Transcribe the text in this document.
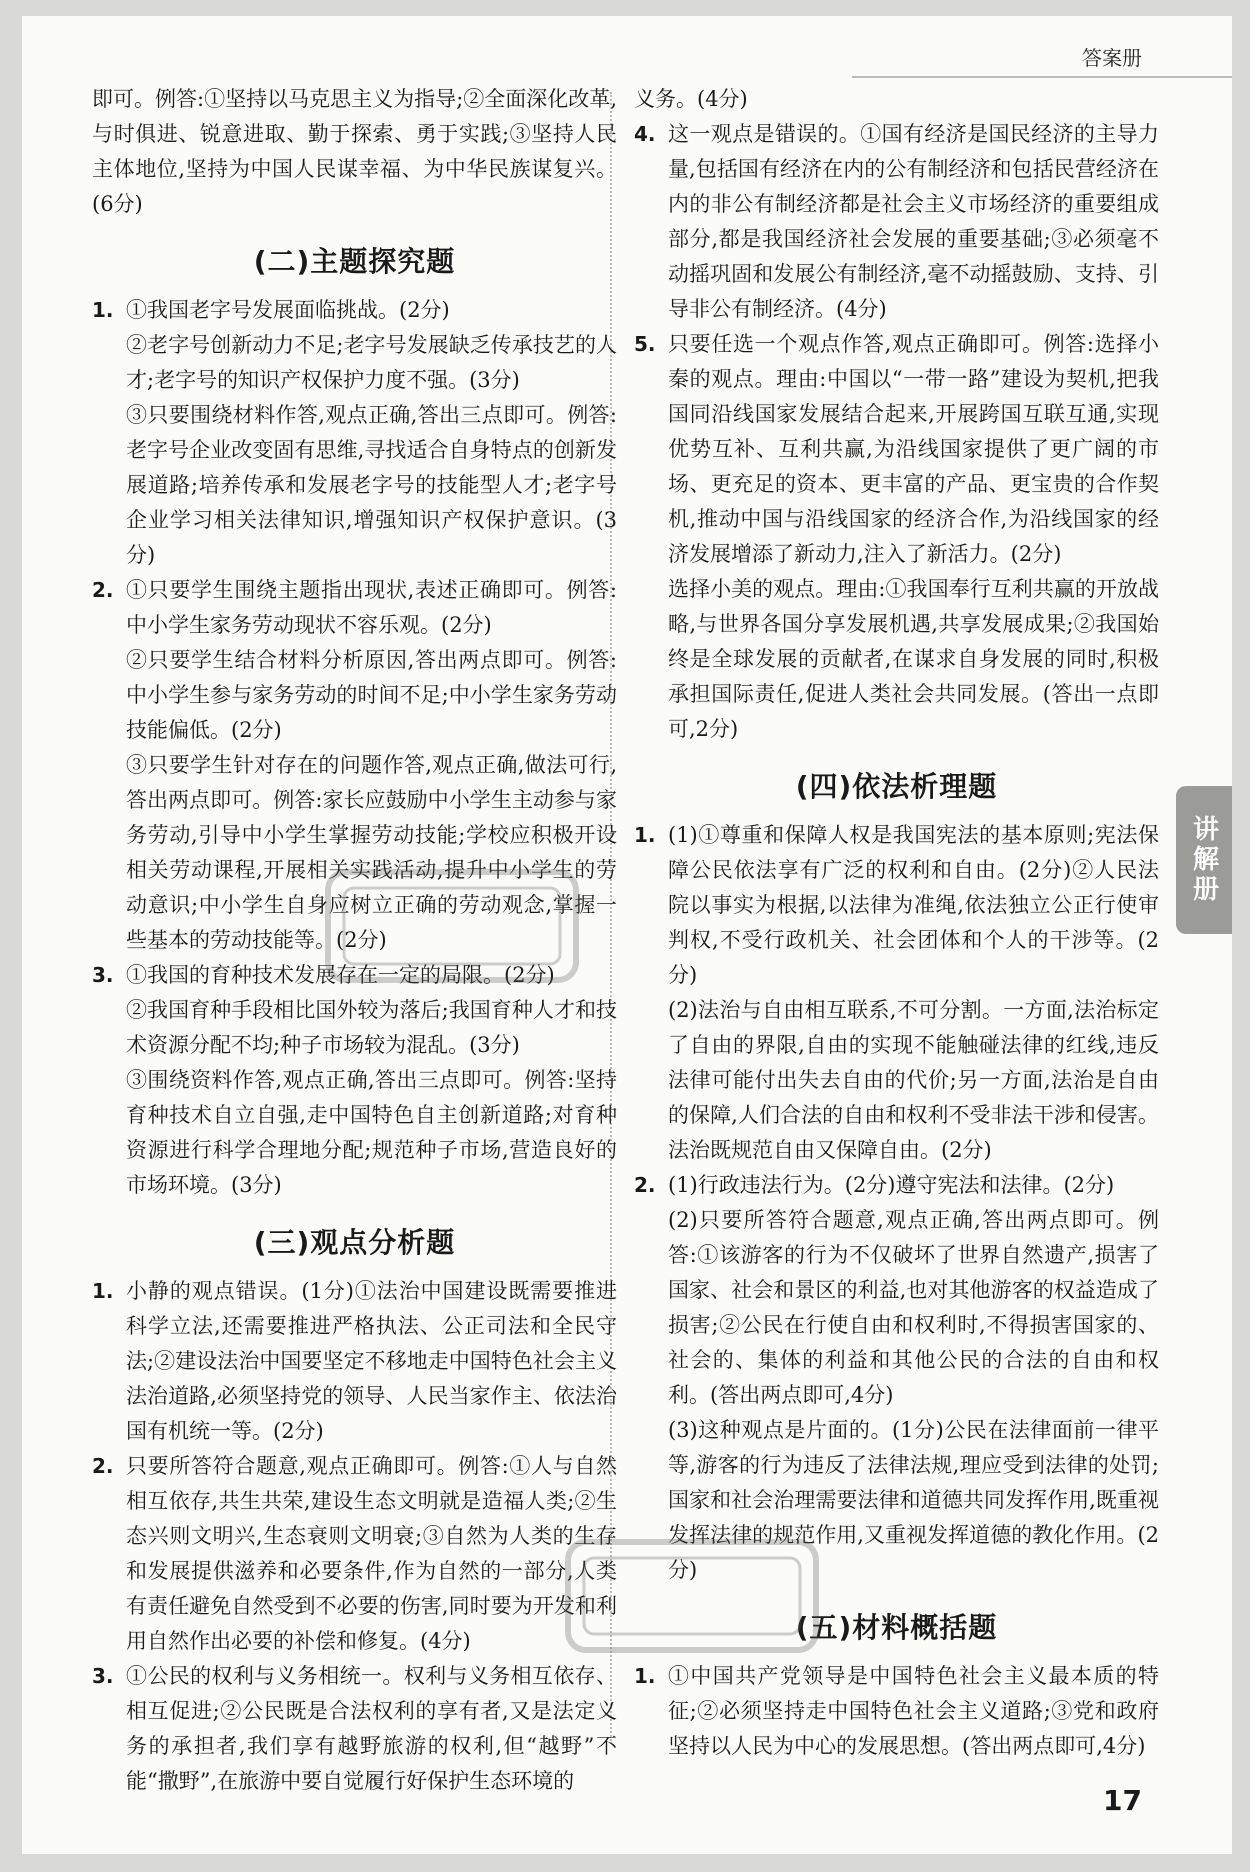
答案册

即可。例答:①坚持以马克思主义为指导;②全面深化改革,与时俱进、锐意进取、勤于探索、勇于实践;③坚持人民主体地位,坚持为中国人民谋幸福、为中华民族谋复兴。(6分)

(二)主题探究题
1. ①我国老字号发展面临挑战。(2分)

②老字号创新动力不足;老字号发展缺乏传承技艺的人才;老字号的知识产权保护力度不强。(3分)

③只要围绕材料作答,观点正确,答出三点即可。例答:老字号企业改变固有思维,寻找适合自身特点的创新发展道路;培养传承和发展老字号的技能型人才;老字号企业学习相关法律知识,增强知识产权保护意识。(3分)

2. ①只要学生围绕主题指出现状,表述正确即可。例答:中小学生家务劳动现状不容乐观。(2分)

②只要学生结合材料分析原因,答出两点即可。例答:中小学生参与家务劳动的时间不足;中小学生家务劳动技能偏低。(2分)

③只要学生针对存在的问题作答,观点正确,做法可行,答出两点即可。例答:家长应鼓励中小学生主动参与家务劳动,引导中小学生掌握劳动技能;学校应积极开设相关劳动课程,开展相关实践活动,提升中小学生的劳动意识;中小学生自身应树立正确的劳动观念,掌握一些基本的劳动技能等。(2分)

3. ①我国的育种技术发展存在一定的局限。(2分)

②我国育种手段相比国外较为落后;我国育种人才和技术资源分配不均;种子市场较为混乱。(3分)

③围绕资料作答,观点正确,答出三点即可。例答:坚持育种技术自立自强,走中国特色自主创新道路;对育种资源进行科学合理地分配;规范种子市场,营造良好的市场环境。(3分)

(三)观点分析题
1. 小静的观点错误。(1分)①法治中国建设既需要推进科学立法,还需要推进严格执法、公正司法和全民守法;②建设法治中国要坚定不移地走中国特色社会主义法治道路,必须坚持党的领导、人民当家作主、依法治国有机统一等。(2分)

2. 只要所答符合题意,观点正确即可。例答:①人与自然相互依存,共生共荣,建设生态文明就是造福人类;②生态兴则文明兴,生态衰则文明衰;③自然为人类的生存和发展提供滋养和必要条件,作为自然的一部分,人类有责任避免自然受到不必要的伤害,同时要为开发和利用自然作出必要的补偿和修复。(4分)

3. ①公民的权利与义务相统一。权利与义务相互依存、相互促进;②公民既是合法权利的享有者,又是法定义务的承担者,我们享有越野旅游的权利,但“越野”不能“撒野”,在旅游中要自觉履行好保护生态环境的

义务。(4分)

4. 这一观点是错误的。①国有经济是国民经济的主导力量,包括国有经济在内的公有制经济和包括民营经济在内的非公有制经济都是社会主义市场经济的重要组成部分,都是我国经济社会发展的重要基础;③必须毫不动摇巩固和发展公有制经济,毫不动摇鼓励、支持、引导非公有制经济。(4分)

5. 只要任选一个观点作答,观点正确即可。例答:选择小秦的观点。理由:中国以“一带一路”建设为契机,把我国同沿线国家发展结合起来,开展跨国互联互通,实现优势互补、互利共赢,为沿线国家提供了更广阔的市场、更充足的资本、更丰富的产品、更宝贵的合作契机,推动中国与沿线国家的经济合作,为沿线国家的经济发展增添了新动力,注入了新活力。(2分)

选择小美的观点。理由:①我国奉行互利共赢的开放战略,与世界各国分享发展机遇,共享发展成果;②我国始终是全球发展的贡献者,在谋求自身发展的同时,积极承担国际责任,促进人类社会共同发展。(答出一点即可,2分)

(四)依法析理题
1. (1)①尊重和保障人权是我国宪法的基本原则;宪法保障公民依法享有广泛的权利和自由。(2分)②人民法院以事实为根据,以法律为准绳,依法独立公正行使审判权,不受行政机关、社会团体和个人的干涉等。(2分)

(2)法治与自由相互联系,不可分割。一方面,法治标定了自由的界限,自由的实现不能触碰法律的红线,违反法律可能付出失去自由的代价;另一方面,法治是自由的保障,人们合法的自由和权利不受非法干涉和侵害。法治既规范自由又保障自由。(2分)

2. (1)行政违法行为。(2分)遵守宪法和法律。(2分)

(2)只要所答符合题意,观点正确,答出两点即可。例答:①该游客的行为不仅破坏了世界自然遗产,损害了国家、社会和景区的利益,也对其他游客的权益造成了损害;②公民在行使自由和权利时,不得损害国家的、社会的、集体的利益和其他公民的合法的自由和权利。(答出两点即可,4分)

(3)这种观点是片面的。(1分)公民在法律面前一律平等,游客的行为违反了法律法规,理应受到法律的处罚;国家和社会治理需要法律和道德共同发挥作用,既重视发挥法律的规范作用,又重视发挥道德的教化作用。(2分)

(五)材料概括题
1. ①中国共产党领导是中国特色社会主义最本质的特征;②必须坚持走中国特色社会主义道路;③党和政府坚持以人民为中心的发展思想。(答出两点即可,4分)

讲解册
17
